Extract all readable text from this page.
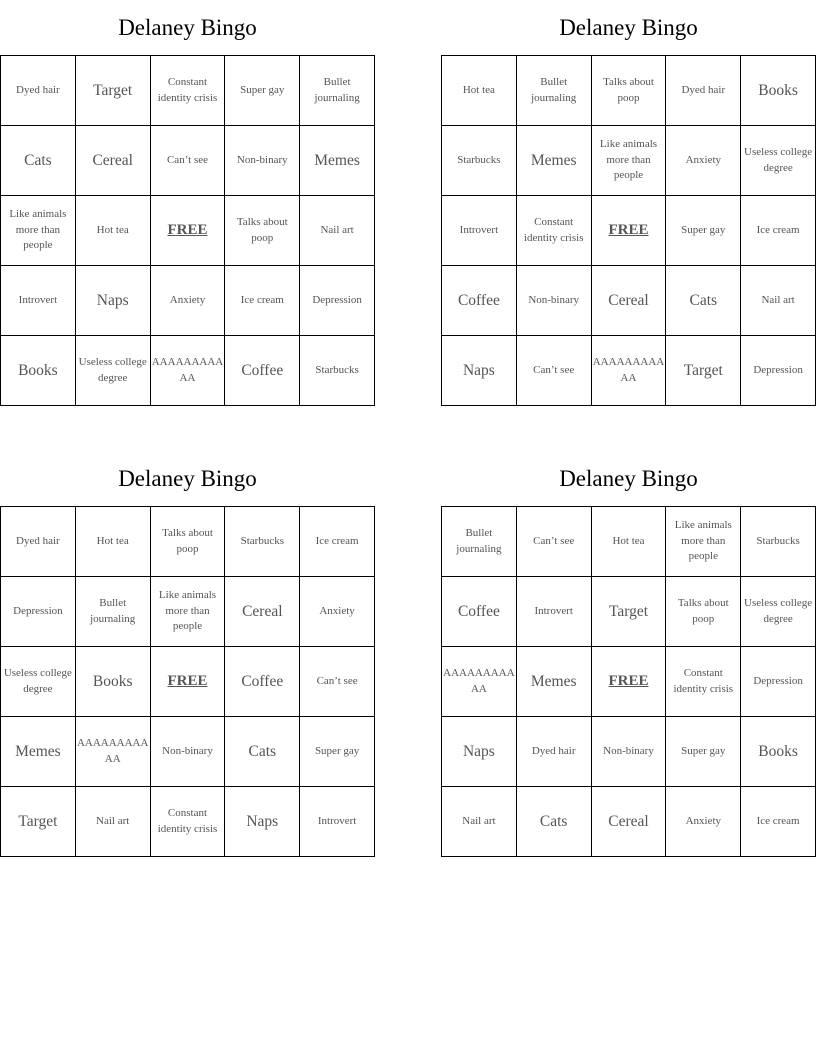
Delaney Bingo
Dyed hair	Target	Constant identity crisis	Super gay	Bullet journaling
Cats	Cereal	Can’t see	Non-binary	Memes
Like animals more than people	Hot tea	FREE	Talks about poop	Nail art
Introvert	Naps	Anxiety	Ice cream	Depression
Books	Useless college degree	AAAAAAAAAAA	Coffee	Starbucks
Delaney Bingo
Hot tea	Bullet journaling	Talks about poop	Dyed hair	Books
Starbucks	Memes	Like animals more than people	Anxiety	Useless college degree
Introvert	Constant identity crisis	FREE	Super gay	Ice cream
Coffee	Non-binary	Cereal	Cats	Nail art
Naps	Can’t see	AAAAAAAAAAA	Target	Depression
Delaney Bingo
Dyed hair	Hot tea	Talks about poop	Starbucks	Ice cream
Depression	Bullet journaling	Like animals more than people	Cereal	Anxiety
Useless college degree	Books	FREE	Coffee	Can’t see
Memes	AAAAAAAAAAA	Non-binary	Cats	Super gay
Target	Nail art	Constant identity crisis	Naps	Introvert
Delaney Bingo
Bullet journaling	Can’t see	Hot tea	Like animals more than people	Starbucks
Coffee	Introvert	Target	Talks about poop	Useless college degree
AAAAAAAAAAA	Memes	FREE	Constant identity crisis	Depression
Naps	Dyed hair	Non-binary	Super gay	Books
Nail art	Cats	Cereal	Anxiety	Ice cream
